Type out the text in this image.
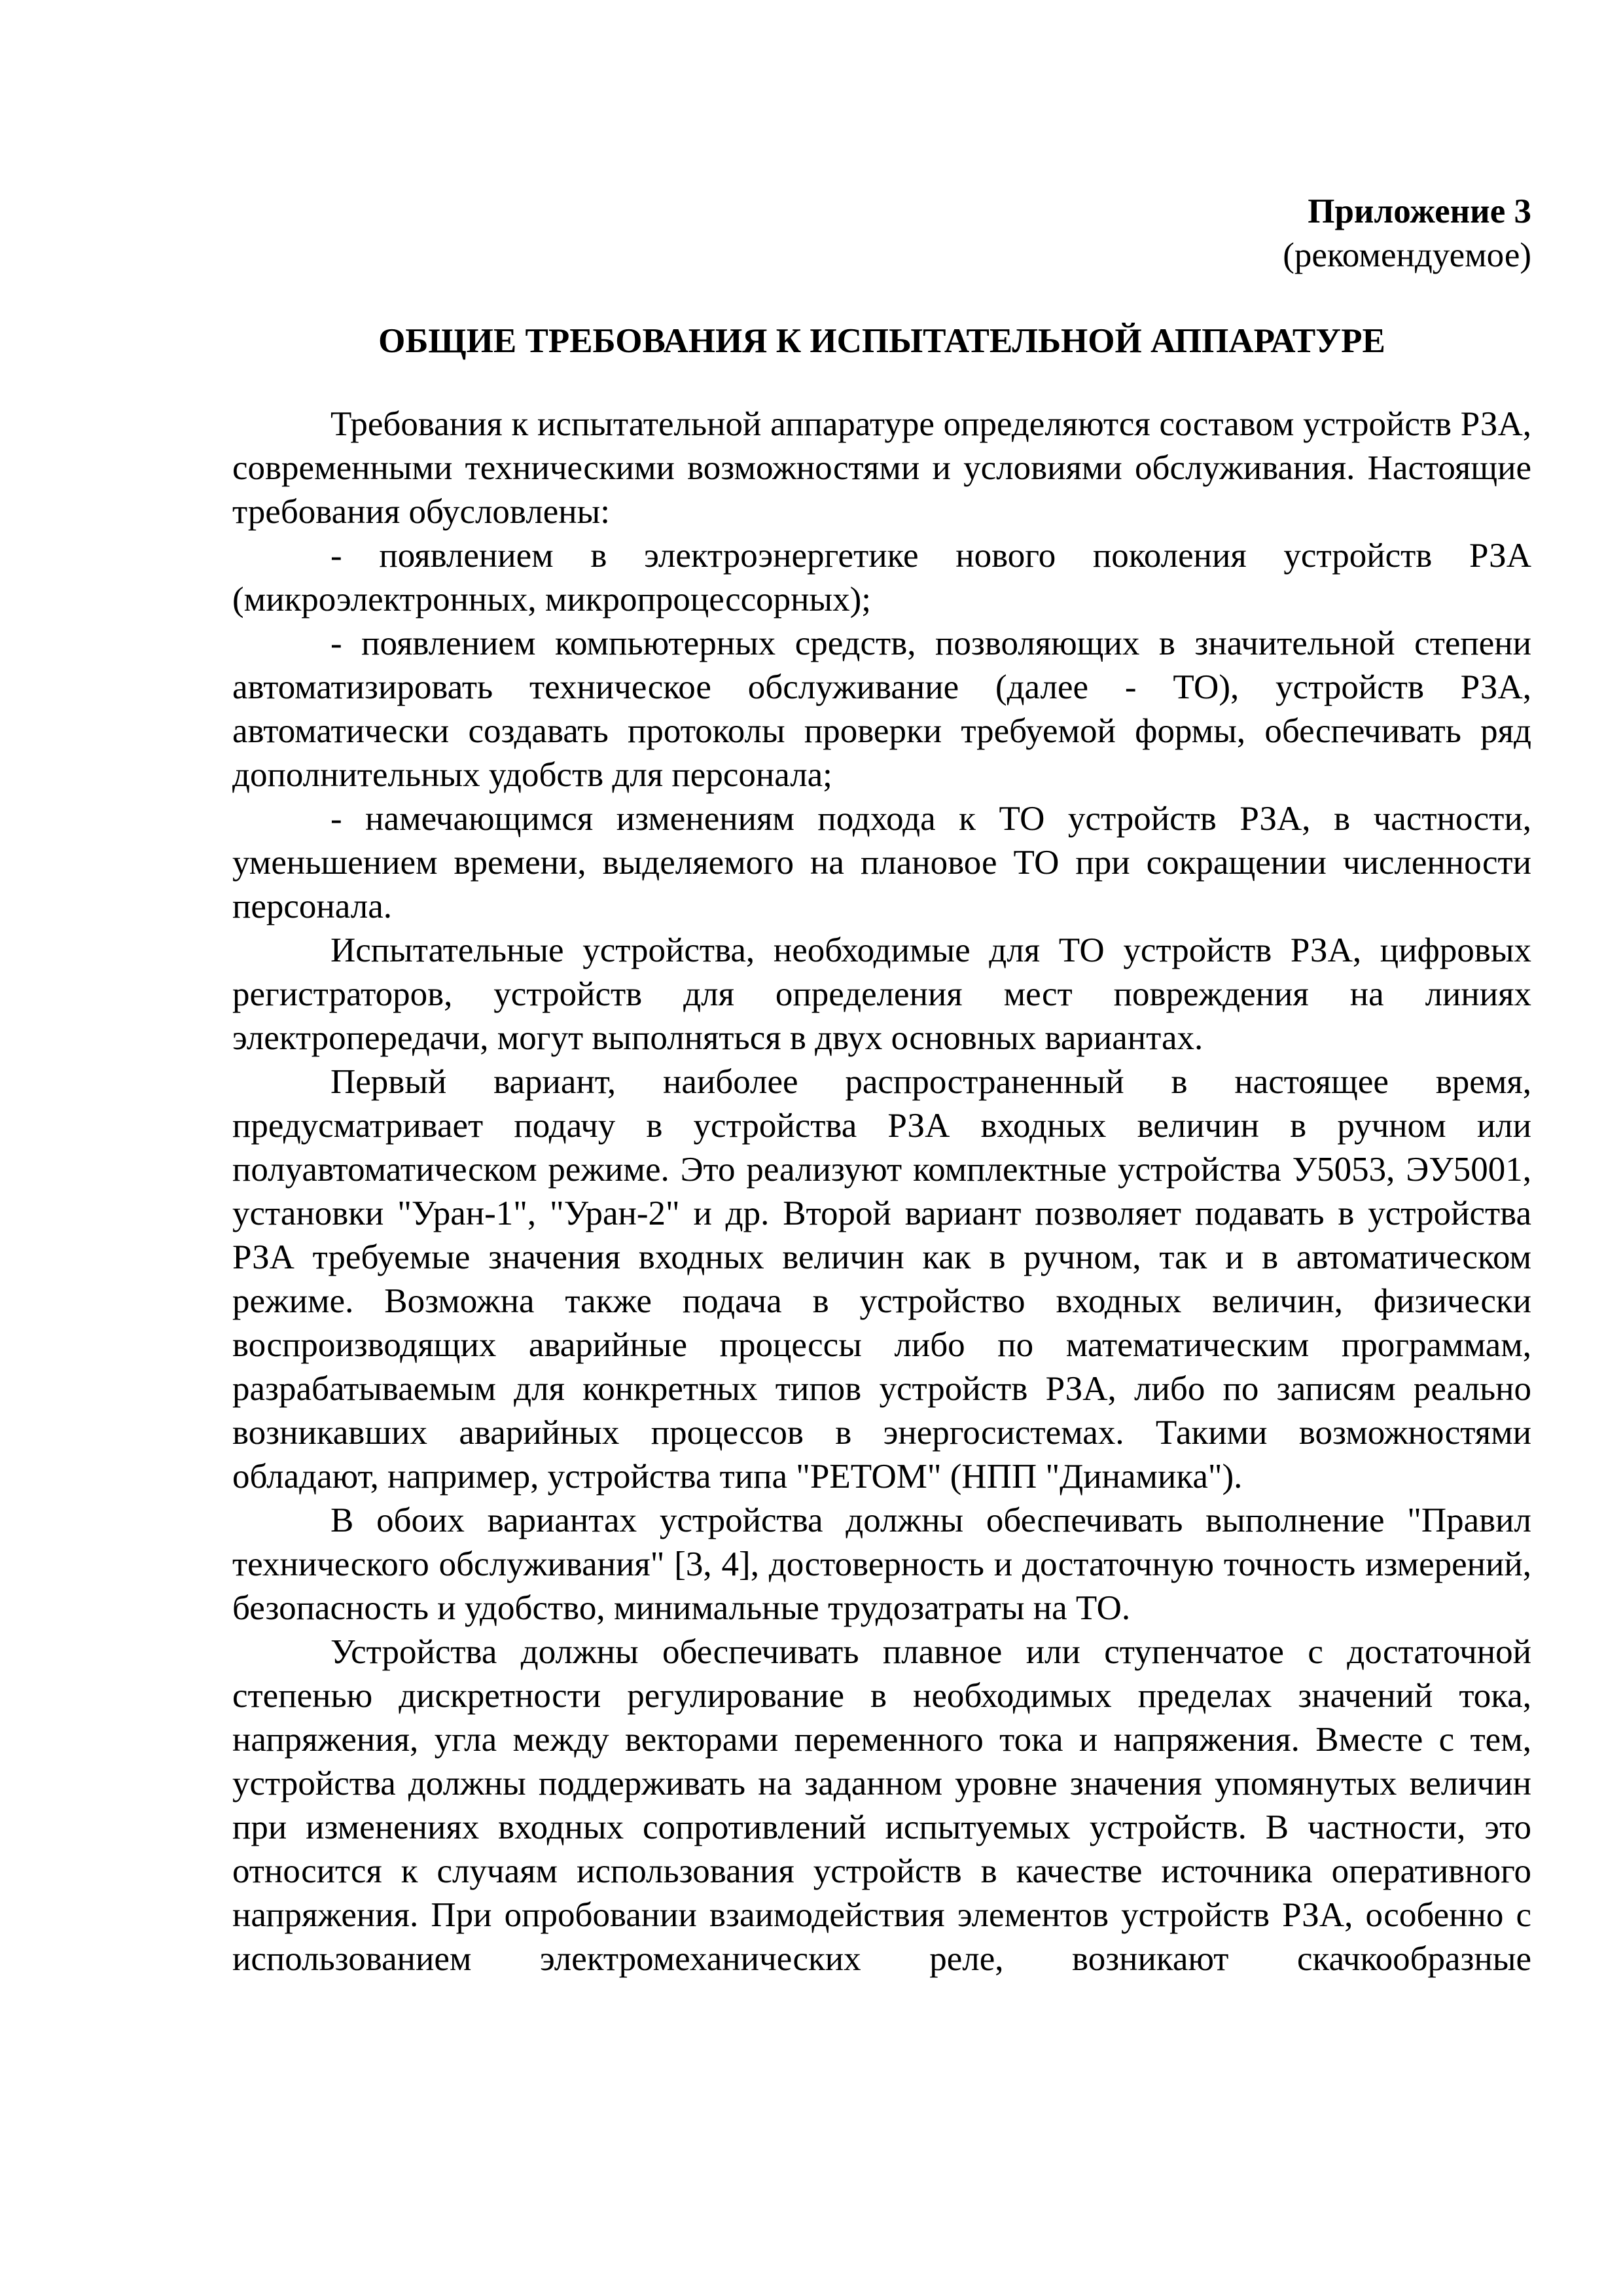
Приложение 3
(рекомендуемое)
ОБЩИЕ ТРЕБОВАНИЯ К ИСПЫТАТЕЛЬНОЙ АППАРАТУРЕ

Требования к испытательной аппаратуре определяются составом устройств РЗА, современными техническими возможностями и условиями обслуживания. Настоящие требования обусловлены:

- появлением в электроэнергетике нового поколения устройств РЗА (микроэлектронных, микропроцессорных);

- появлением компьютерных средств, позволяющих в значительной степени автоматизировать техническое обслуживание (далее - ТО), устройств РЗА, автоматически создавать протоколы проверки требуемой формы, обеспечивать ряд дополнительных удобств для персонала;

- намечающимся изменениям подхода к ТО устройств РЗА, в частности, уменьшением времени, выделяемого на плановое ТО при сокращении численности персонала.

Испытательные устройства, необходимые для ТО устройств РЗА, цифровых регистраторов, устройств для определения мест повреждения на линиях электропередачи, могут выполняться в двух основных вариантах.

Первый вариант, наиболее распространенный в настоящее время, предусматривает подачу в устройства РЗА входных величин в ручном или полуавтоматическом режиме. Это реализуют комплектные устройства У5053, ЭУ5001, установки "Уран-1", "Уран-2" и др. Второй вариант позволяет подавать в устройства РЗА требуемые значения входных величин как в ручном, так и в автоматическом режиме. Возможна также подача в устройство входных величин, физически воспроизводящих аварийные процессы либо по математическим программам, разрабатываемым для конкретных типов устройств РЗА, либо по записям реально возникавших аварийных процессов в энергосистемах. Такими возможностями обладают, например, устройства типа "РЕТОМ" (НПП "Динамика").

В обоих вариантах устройства должны обеспечивать выполнение "Правил технического обслуживания" [3, 4], достоверность и достаточную точность измерений, безопасность и удобство, минимальные трудозатраты на ТО.

Устройства должны обеспечивать плавное или ступенчатое с достаточной степенью дискретности регулирование в необходимых пределах значений тока, напряжения, угла между векторами переменного тока и напряжения. Вместе с тем, устройства должны поддерживать на заданном уровне значения упомянутых величин при изменениях входных сопротивлений испытуемых устройств. В частности, это относится к случаям использования устройств в качестве источника оперативного напряжения. При опробовании взаимодействия элементов устройств РЗА, особенно с использованием электромеханических реле, возникают скачкообразные
